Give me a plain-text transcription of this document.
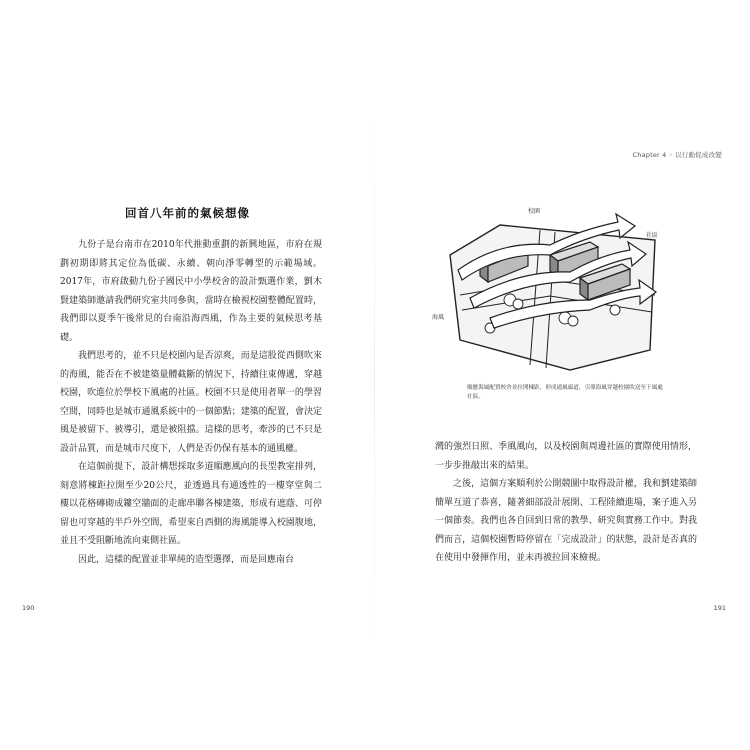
回首八年前的氣候想像

九份子是台南市在2010年代推動重劃的新興地區，市府在規劃初期即將其定位為低碳、永續、朝向淨零轉型的示範場域。2017年，市府啟動九份子國民中小學校舍的設計甄選作業，劉木賢建築師邀請我們研究室共同參與，當時在檢視校園整體配置時，我們即以夏季午後常見的台南沿海西風，作為主要的氣候思考基礎。

我們思考的，並不只是校園內是否涼爽，而是這股從西側吹來的海風，能否在不被建築量體截斷的情況下，持續往東傳遞，穿越校園，吹進位於學校下風處的社區。校園不只是使用者單一的學習空間，同時也是城市通風系統中的一個節點；建築的配置，會決定風是被留下、被導引，還是被阻擋。這樣的思考，牽涉的已不只是設計品質，而是城市尺度下，人們是否仍保有基本的通風權。

在這個前提下，設計構想採取多道順應風向的長型教室排列，刻意將棟距拉開至少20公尺，並透過具有通透性的一樓穿堂與二樓以花格磚砌成鏤空牆面的走廊串聯各棟建築，形成有遮蔭、可停留也可穿越的半戶外空間，希望來自西側的海風能導入校園腹地，並且不受阻斷地流向東側社區。

因此，這樣的配置並非單純的造型選擇，而是回應南台

190
Chapter 4 ◦ 以行動促成改變
校園
社區
海風
順應海風配置校舍並拉開棟距，形成通風廊道，引導海風穿越校園吹送至下風處社區。

灣的強烈日照、季風風向，以及校園與周邊社區的實際使用情形，一步步推敲出來的結果。

之後，這個方案順利於公開競圖中取得設計權，我和劉建築師簡單互道了恭喜，隨著細部設計展開、工程陸續進場，案子進入另一個節奏。我們也各自回到日常的教學、研究與實務工作中。對我們而言，這個校園暫時停留在「完成設計」的狀態，設計是否真的在使用中發揮作用，並未再被拉回來檢視。

191
